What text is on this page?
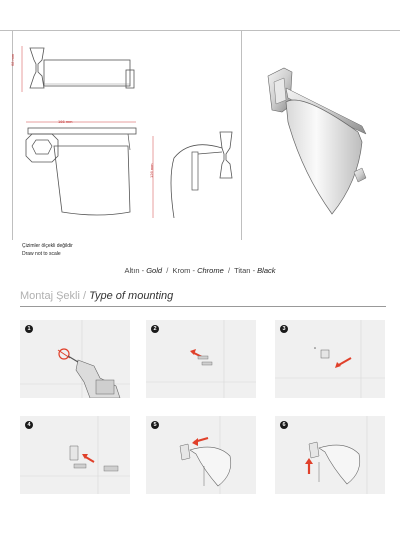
68 mm
166 mm
126 mm
Çizimler ölçekli değildir
Draw not to scale
Altın - Gold  /  Krom - Chrome  /  Titan - Black
Montaj Şekli / Type of mounting
1	2	3
4	5	6
